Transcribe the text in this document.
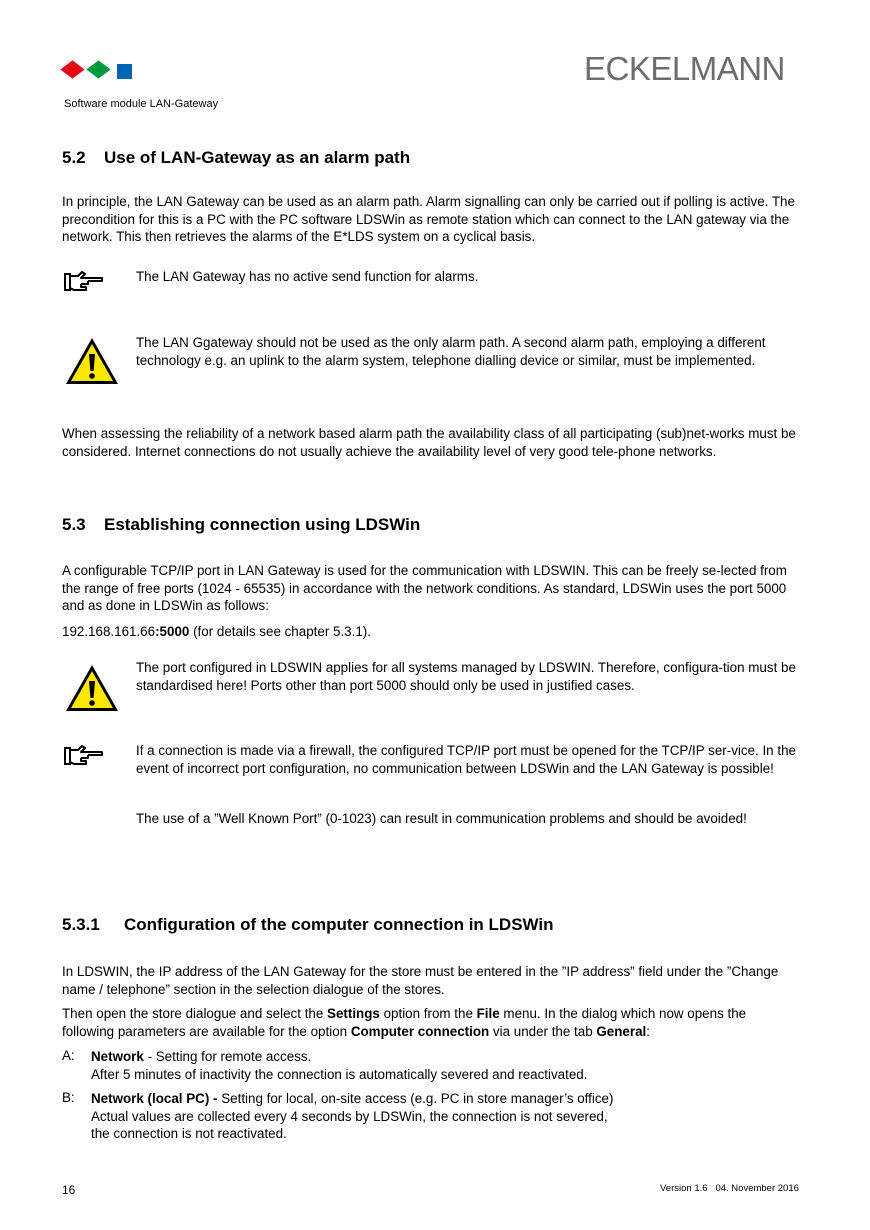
ECKELMANN
Software module LAN-Gateway
5.2 Use of LAN-Gateway as an alarm path

In principle, the LAN Gateway can be used as an alarm path. Alarm signalling can only be carried out if polling is active. The precondition for this is a PC with the PC software LDSWin as remote station which can connect to the LAN gateway via the network. This then retrieves the alarms of the E*LDS system on a cyclical basis.

The LAN Gateway has no active send function for alarms.

The LAN Ggateway should not be used as the only alarm path. A second alarm path, employing a different technology e.g. an uplink to the alarm system, telephone dialling device or similar, must be implemented.

When assessing the reliability of a network based alarm path the availability class of all participating (sub)net-works must be considered. Internet connections do not usually achieve the availability level of very good tele-phone networks.

5.3 Establishing connection using LDSWin

A configurable TCP/IP port in LAN Gateway is used for the communication with LDSWIN. This can be freely se-lected from the range of free ports (1024 - 65535) in accordance with the network conditions. As standard, LDSWin uses the port 5000 and as done in LDSWin as follows:

192.168.161.66:5000 (for details see chapter 5.3.1).

The port configured in LDSWIN applies for all systems managed by LDSWIN. Therefore, configura-tion must be standardised here! Ports other than port 5000 should only be used in justified cases.

If a connection is made via a firewall, the configured TCP/IP port must be opened for the TCP/IP ser-vice. In the event of incorrect port configuration, no communication between LDSWin and the LAN Gateway is possible!

The use of a ”Well Known Port” (0-1023) can result in communication problems and should be avoided!

5.3.1 Configuration of the computer connection in LDSWin

In LDSWIN, the IP address of the LAN Gateway for the store must be entered in the ”IP address” field under the ”Change name / telephone” section in the selection dialogue of the stores.

Then open the store dialogue and select the Settings option from the File menu. In the dialog which now opens the following parameters are available for the option Computer connection via under the tab General:

A: Network - Setting for remote access.
After 5 minutes of inactivity the connection is automatically severed and reactivated.
B: Network (local PC) - Setting for local, on-site access (e.g. PC in store manager’s office)
Actual values are collected every 4 seconds by LDSWin, the connection is not severed,
the connection is not reactivated.
16	Version 1.6   04. November 2016
